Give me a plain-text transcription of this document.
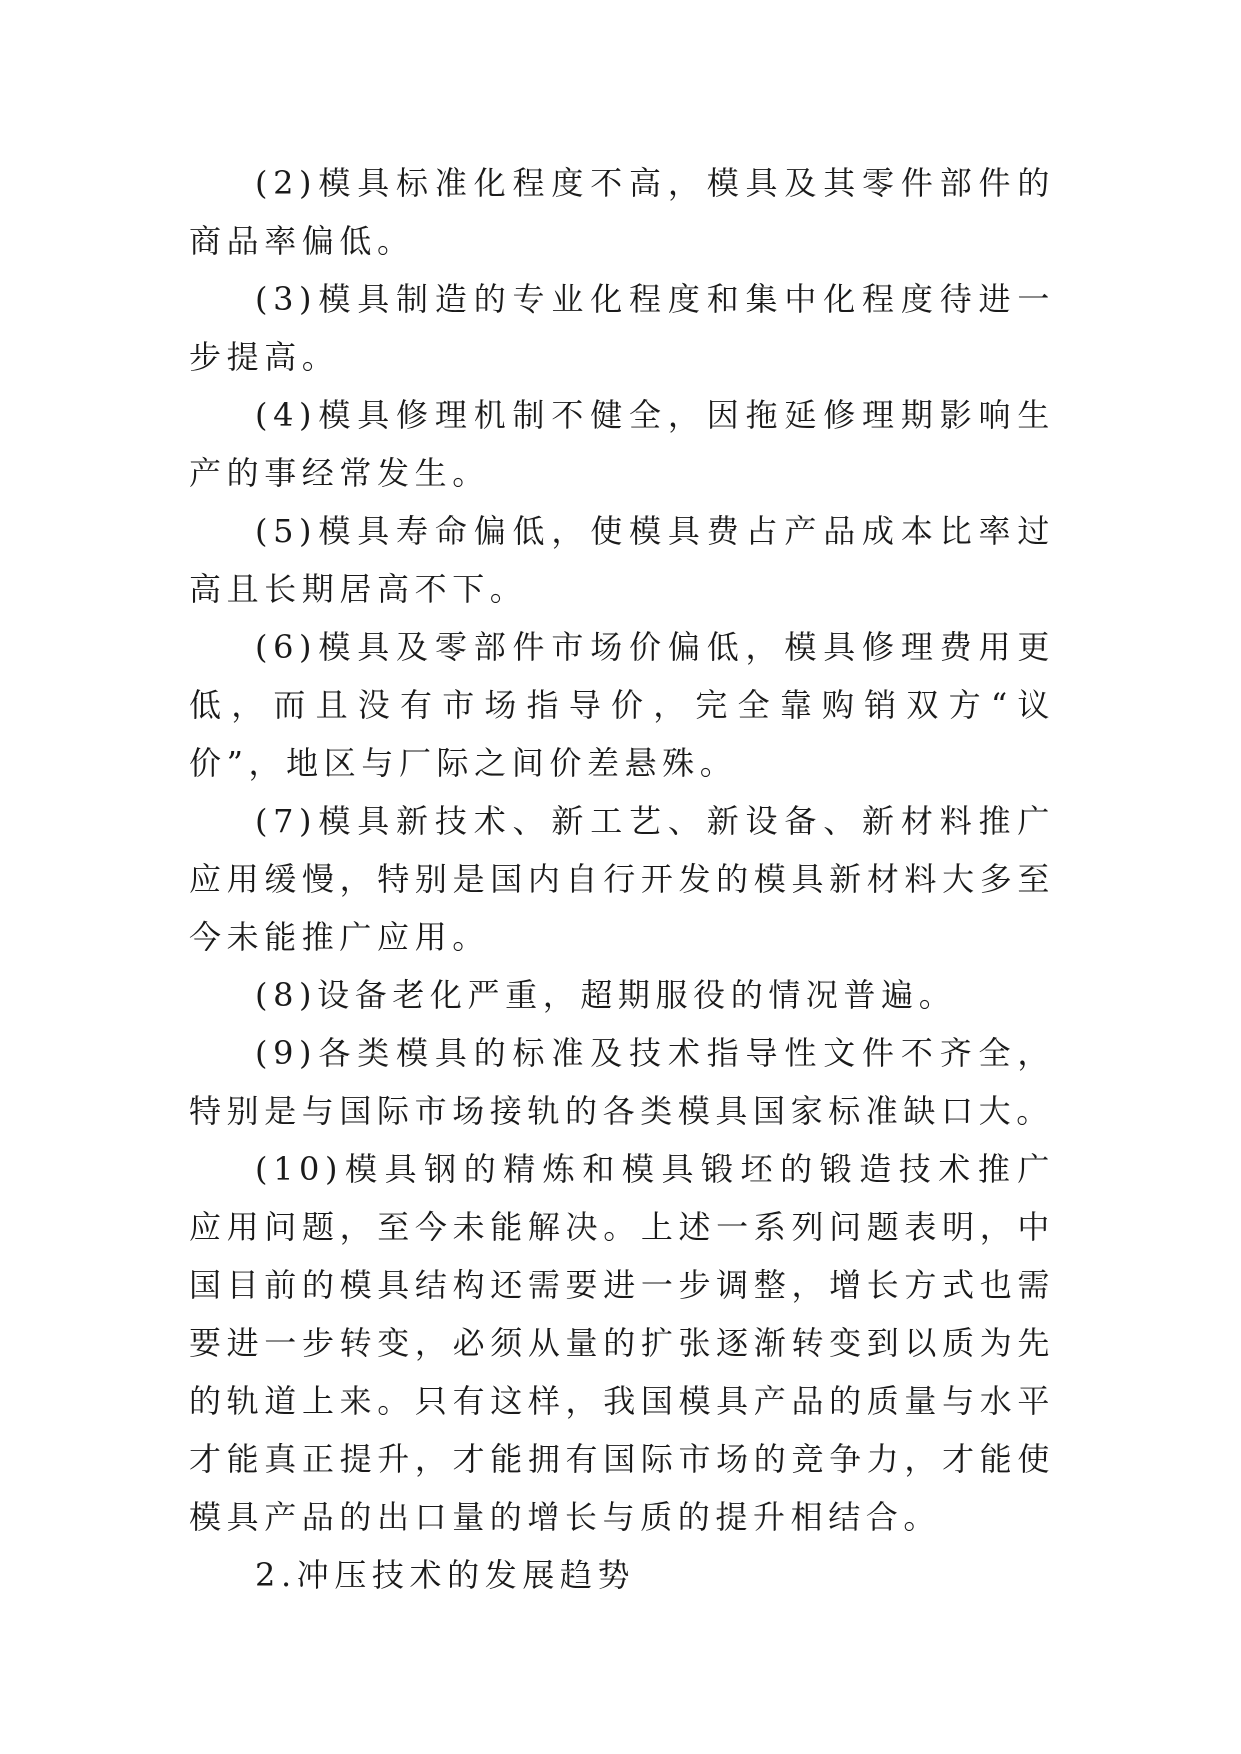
(2)模具标准化程度不高，模具及其零件部件的商品率偏低。

(3)模具制造的专业化程度和集中化程度待进一步提高。

(4)模具修理机制不健全，因拖延修理期影响生产的事经常发生。

(5)模具寿命偏低，使模具费占产品成本比率过高且长期居高不下。

(6)模具及零部件市场价偏低，模具修理费用更低，而且没有市场指导价，完全靠购销双方“议价”，地区与厂际之间价差悬殊。

(7)模具新技术、新工艺、新设备、新材料推广应用缓慢，特别是国内自行开发的模具新材料大多至今未能推广应用。

(8)设备老化严重，超期服役的情况普遍。

(9)各类模具的标准及技术指导性文件不齐全，特别是与国际市场接轨的各类模具国家标准缺口大。

(10)模具钢的精炼和模具锻坯的锻造技术推广应用问题，至今未能解决。上述一系列问题表明，中国目前的模具结构还需要进一步调整，增长方式也需要进一步转变，必须从量的扩张逐渐转变到以质为先的轨道上来。只有这样，我国模具产品的质量与水平才能真正提升，才能拥有国际市场的竞争力，才能使模具产品的出口量的增长与质的提升相结合。

2.冲压技术的发展趋势
